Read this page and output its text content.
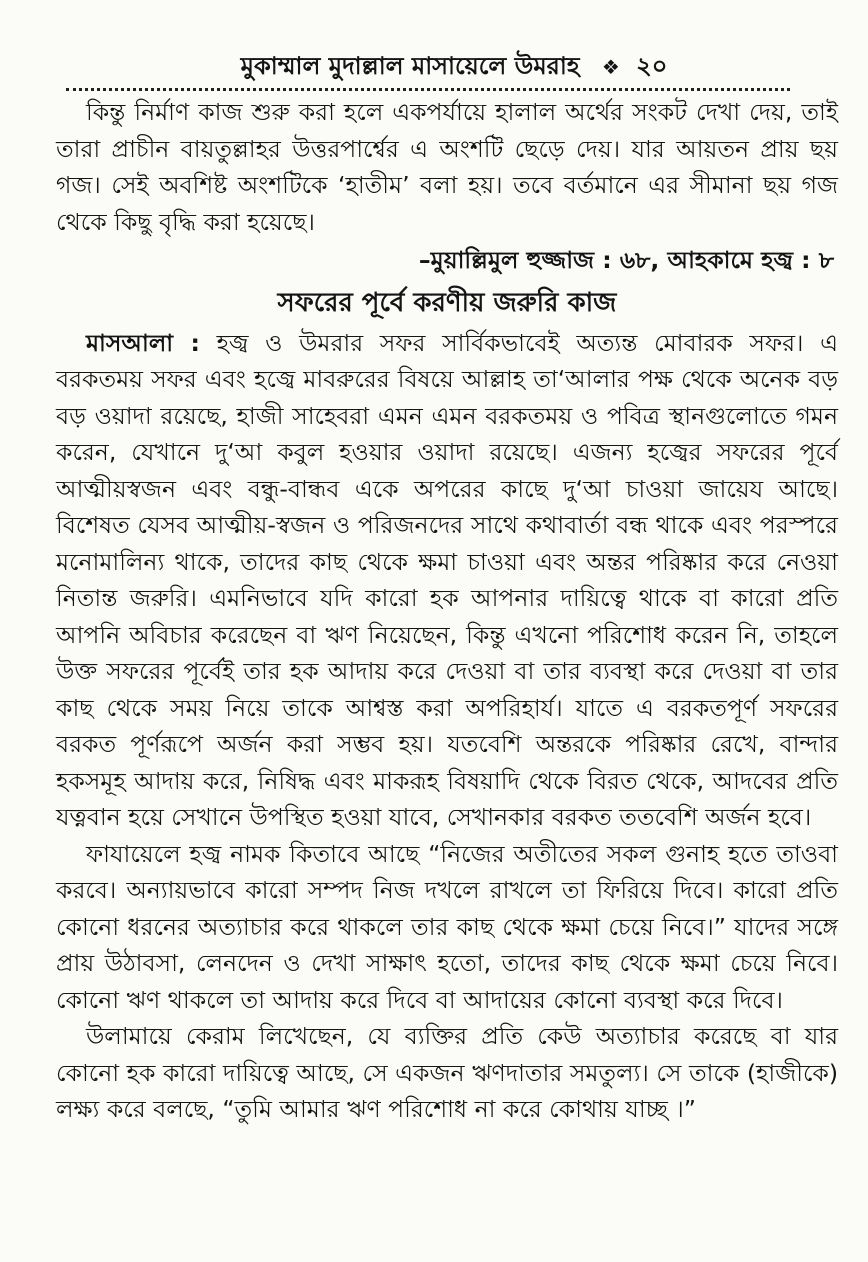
মুকাম্মাল মুদাল্লাল মাসায়েলে উমরাহ ❖ ২০

কিন্তু নির্মাণ কাজ শুরু করা হলে একপর্যায়ে হালাল অর্থের সংকট দেখা দেয়, তাই তারা প্রাচীন বায়তুল্লাহর উত্তরপার্শ্বের এ অংশটি ছেড়ে দেয়। যার আয়তন প্রায় ছয় গজ। সেই অবশিষ্ট অংশটিকে ‘হাতীম’ বলা হয়। তবে বর্তমানে এর সীমানা ছয় গজ থেকে কিছু বৃদ্ধি করা হয়েছে।

–মুয়াল্লিমুল হুজ্জাজ : ৬৮, আহকামে হজ্ব : ৮

সফরের পূর্বে করণীয় জরুরি কাজ

মাসআলা : হজ্ব ও উমরার সফর সার্বিকভাবেই অত্যন্ত মোবারক সফর। এ বরকতময় সফর এবং হজ্বে মাবরুরের বিষয়ে আল্লাহ তা‘আলার পক্ষ থেকে অনেক বড় বড় ওয়াদা রয়েছে, হাজী সাহেবরা এমন এমন বরকতময় ও পবিত্র স্থানগুলোতে গমন করেন, যেখানে দু‘আ কবুল হওয়ার ওয়াদা রয়েছে। এজন্য হজ্বের সফরের পূর্বে আত্মীয়স্বজন এবং বন্ধু-বান্ধব একে অপরের কাছে দু‘আ চাওয়া জায়েয আছে। বিশেষত যেসব আত্মীয়-স্বজন ও পরিজনদের সাথে কথাবার্তা বন্ধ থাকে এবং পরস্পরে মনোমালিন্য থাকে, তাদের কাছ থেকে ক্ষমা চাওয়া এবং অন্তর পরিষ্কার করে নেওয়া নিতান্ত জরুরি। এমনিভাবে যদি কারো হক আপনার দায়িত্বে থাকে বা কারো প্রতি আপনি অবিচার করেছেন বা ঋণ নিয়েছেন, কিন্তু এখনো পরিশোধ করেন নি, তাহলে উক্ত সফরের পূর্বেই তার হক আদায় করে দেওয়া বা তার ব্যবস্থা করে দেওয়া বা তার কাছ থেকে সময় নিয়ে তাকে আশ্বস্ত করা অপরিহার্য। যাতে এ বরকতপূর্ণ সফরের বরকত পূর্ণরূপে অর্জন করা সম্ভব হয়। যতবেশি অন্তরকে পরিষ্কার রেখে, বান্দার হকসমূহ আদায় করে, নিষিদ্ধ এবং মাকরূহ বিষয়াদি থেকে বিরত থেকে, আদবের প্রতি যত্নবান হয়ে সেখানে উপস্থিত হওয়া যাবে, সেখানকার বরকত ততবেশি অর্জন হবে।

ফাযায়েলে হজ্ব নামক কিতাবে আছে “নিজের অতীতের সকল গুনাহ হতে তাওবা করবে। অন্যায়ভাবে কারো সম্পদ নিজ দখলে রাখলে তা ফিরিয়ে দিবে। কারো প্রতি কোনো ধরনের অত্যাচার করে থাকলে তার কাছ থেকে ক্ষমা চেয়ে নিবে।” যাদের সঙ্গে প্রায় উঠাবসা, লেনদেন ও দেখা সাক্ষাৎ হতো, তাদের কাছ থেকে ক্ষমা চেয়ে নিবে। কোনো ঋণ থাকলে তা আদায় করে দিবে বা আদায়ের কোনো ব্যবস্থা করে দিবে।

উলামায়ে কেরাম লিখেছেন, যে ব্যক্তির প্রতি কেউ অত্যাচার করেছে বা যার কোনো হক কারো দায়িত্বে আছে, সে একজন ঋণদাতার সমতুল্য। সে তাকে (হাজীকে) লক্ষ্য করে বলছে, “তুমি আমার ঋণ পরিশোধ না করে কোথায় যাচ্ছ ।”
